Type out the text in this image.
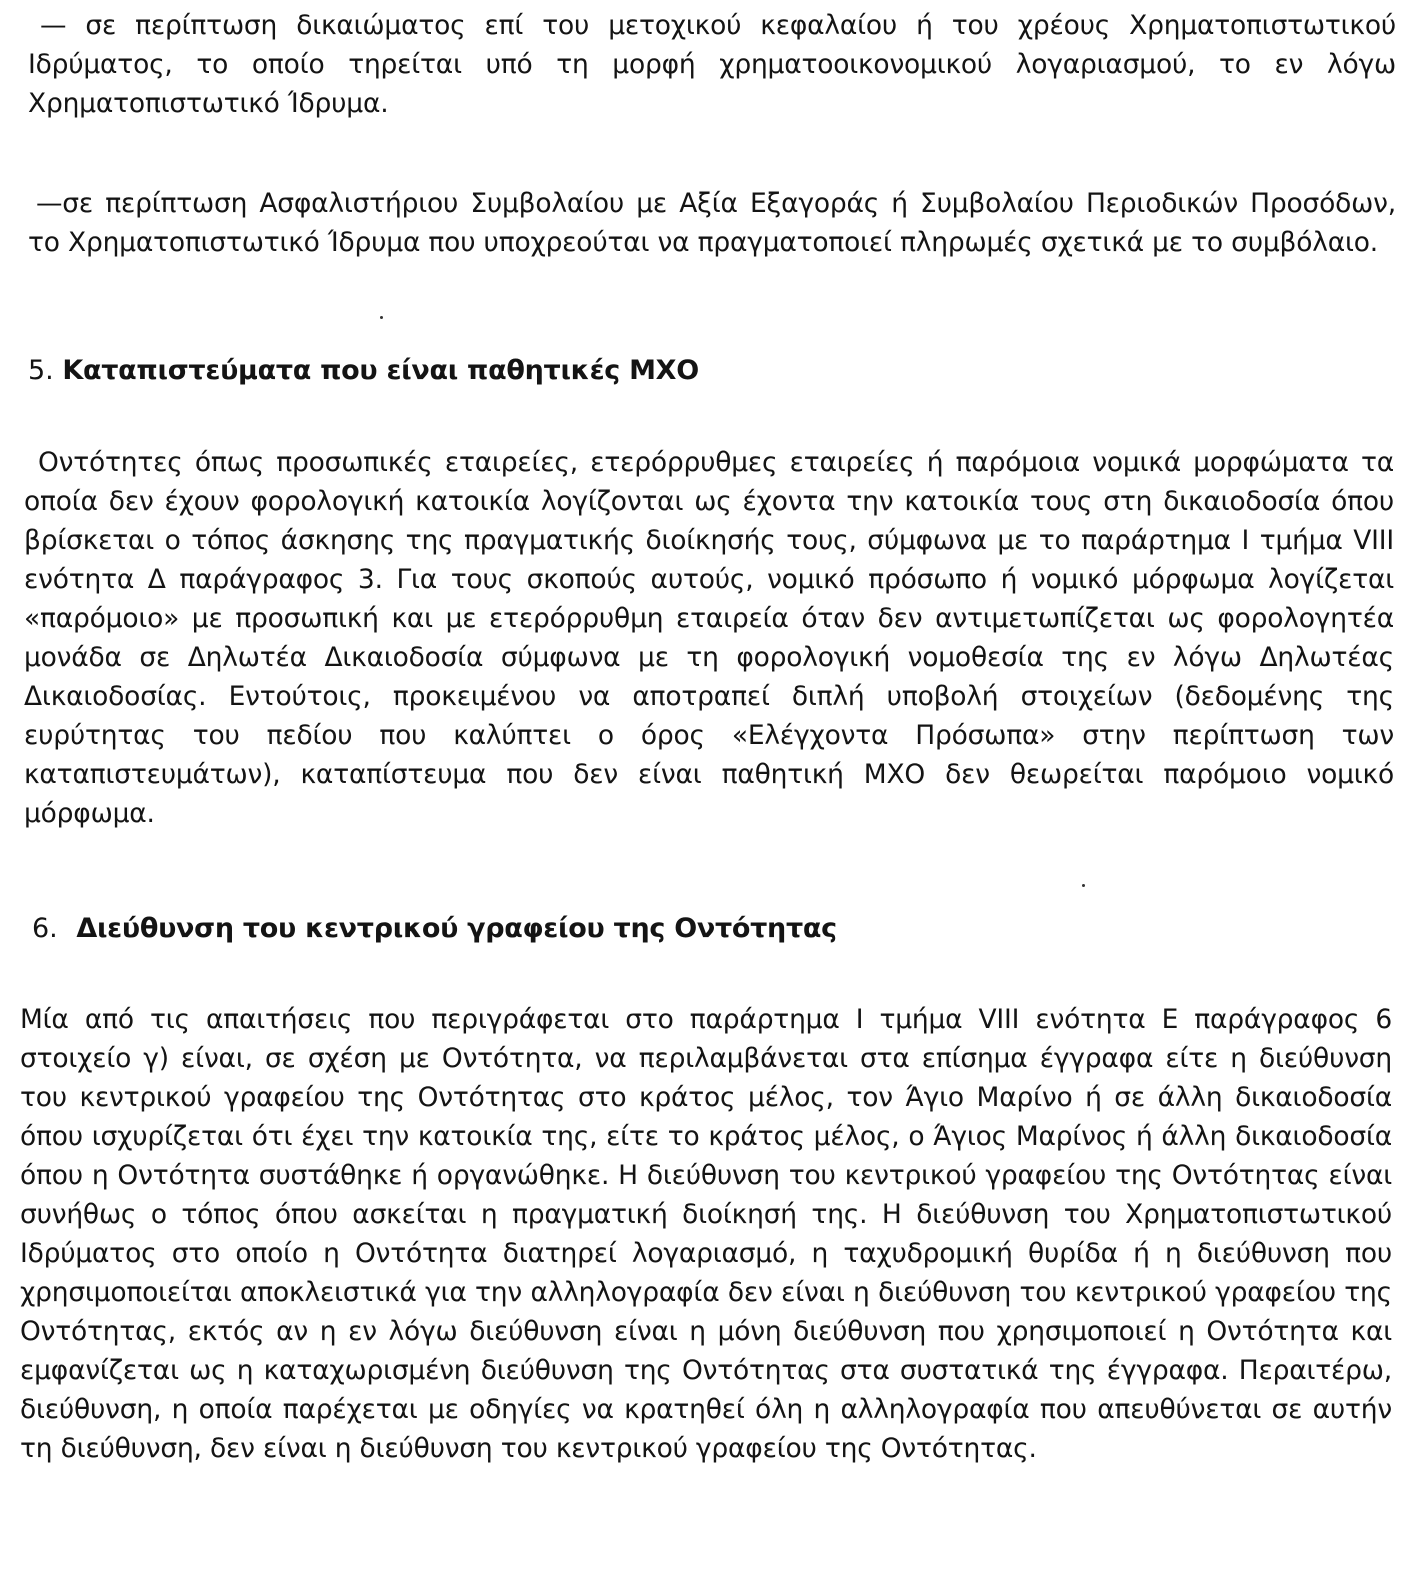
— σε περίπτωση δικαιώματος επί του μετοχικού κεφαλαίου ή του χρέους Χρηματοπιστωτικού Ιδρύματος, το οποίο τηρείται υπό τη μορφή χρηματοοικονομικού λογαριασμού, το εν λόγω Χρηματοπιστωτικό Ίδρυμα.

—σε περίπτωση Ασφαλιστήριου Συμβολαίου με Αξία Εξαγοράς ή Συμβολαίου Περιοδικών Προσόδων, το Χρηματοπιστωτικό Ίδρυμα που υποχρεούται να πραγματοποιεί πληρωμές σχετικά με το συμβόλαιο.

5. Καταπιστεύματα που είναι παθητικές ΜΧΟ

Οντότητες όπως προσωπικές εταιρείες, ετερόρρυθμες εταιρείες ή παρόμοια νομικά μορφώματα τα οποία δεν έχουν φορολογική κατοικία λογίζονται ως έχοντα την κατοικία τους στη δικαιοδοσία όπου βρίσκεται ο τόπος άσκησης της πραγματικής διοίκησής τους, σύμφωνα με το παράρτημα Ι τμήμα VIII ενότητα Δ παράγραφος 3. Για τους σκοπούς αυτούς, νομικό πρόσωπο ή νομικό μόρφωμα λογίζεται «παρόμοιο» με προσωπική και με ετερόρρυθμη εταιρεία όταν δεν αντιμετωπίζεται ως φορολογητέα μονάδα σε Δηλωτέα Δικαιοδοσία σύμφωνα με τη φορολογική νομοθεσία της εν λόγω Δηλωτέας Δικαιοδοσίας. Εντούτοις, προκειμένου να αποτραπεί διπλή υποβολή στοιχείων (δεδομένης της ευρύτητας του πεδίου που καλύπτει ο όρος «Ελέγχοντα Πρόσωπα» στην περίπτωση των καταπιστευμάτων), καταπίστευμα που δεν είναι παθητική ΜΧΟ δεν θεωρείται παρόμοιο νομικό μόρφωμα.

6. Διεύθυνση του κεντρικού γραφείου της Οντότητας

Μία από τις απαιτήσεις που περιγράφεται στο παράρτημα Ι τμήμα VIII ενότητα Ε παράγραφος 6 στοιχείο γ) είναι, σε σχέση με Οντότητα, να περιλαμβάνεται στα επίσημα έγγραφα είτε η διεύθυνση του κεντρικού γραφείου της Οντότητας στο κράτος μέλος, τον Άγιο Μαρίνο ή σε άλλη δικαιοδοσία όπου ισχυρίζεται ότι έχει την κατοικία της, είτε το κράτος μέλος, ο Άγιος Μαρίνος ή άλλη δικαιοδοσία όπου η Οντότητα συστάθηκε ή οργανώθηκε. Η διεύθυνση του κεντρικού γραφείου της Οντότητας είναι συνήθως ο τόπος όπου ασκείται η πραγματική διοίκησή της. Η διεύθυνση του Χρηματοπιστωτικού Ιδρύματος στο οποίο η Οντότητα διατηρεί λογαριασμό, η ταχυδρομική θυρίδα ή η διεύθυνση που χρησιμοποιείται αποκλειστικά για την αλληλογραφία δεν είναι η διεύθυνση του κεντρικού γραφείου της Οντότητας, εκτός αν η εν λόγω διεύθυνση είναι η μόνη διεύθυνση που χρησιμοποιεί η Οντότητα και εμφανίζεται ως η καταχωρισμένη διεύθυνση της Οντότητας στα συστατικά της έγγραφα. Περαιτέρω, διεύθυνση, η οποία παρέχεται με οδηγίες να κρατηθεί όλη η αλληλογραφία που απευθύνεται σε αυτήν τη διεύθυνση, δεν είναι η διεύθυνση του κεντρικού γραφείου της Οντότητας.
